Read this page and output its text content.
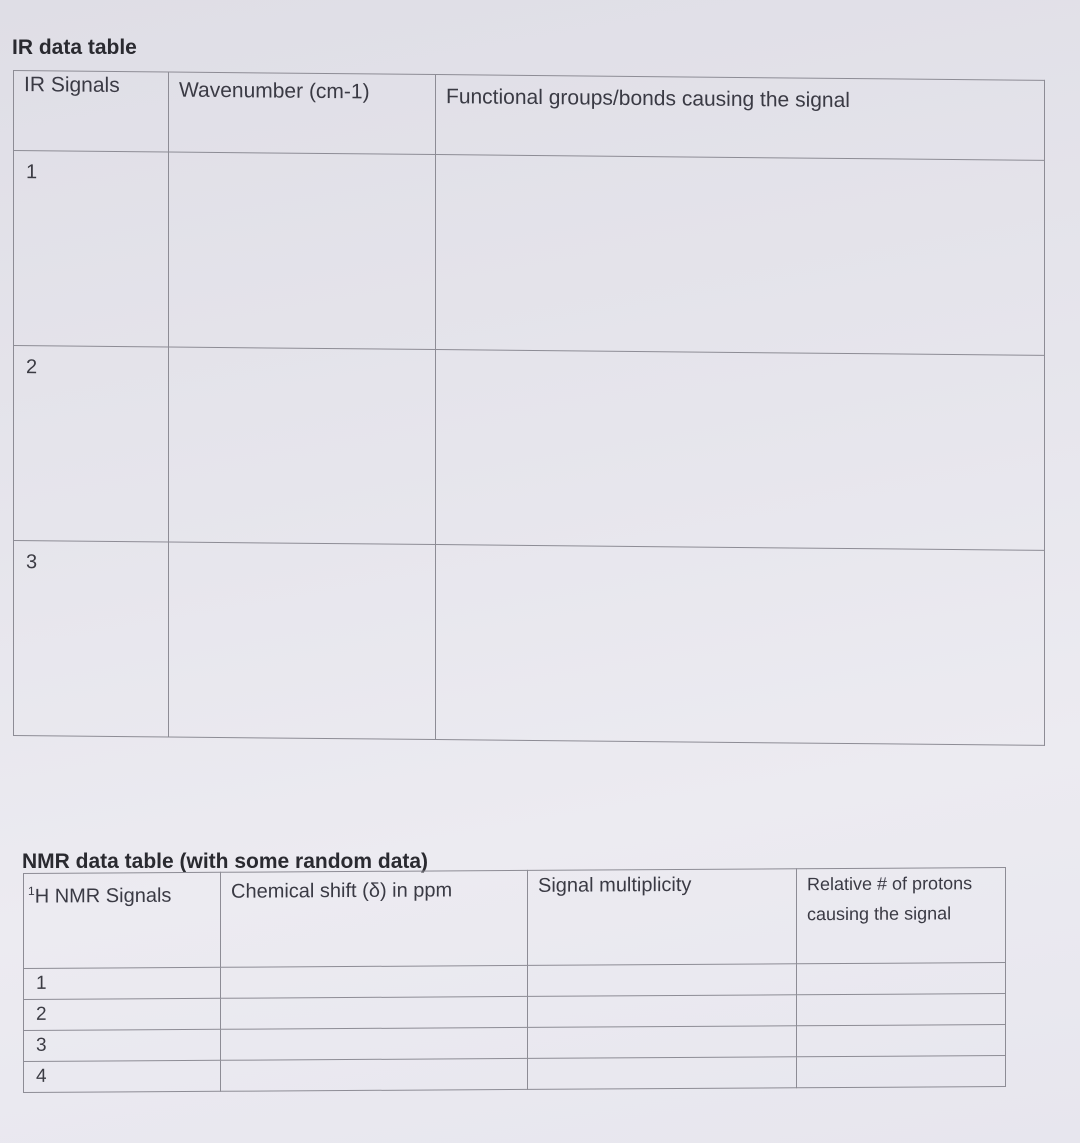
IR data table
IR Signals	Wavenumber (cm-1)	Functional groups/bonds causing the signal

1		

2		

3		

NMR data table (with some random data)
$^1$H NMR Signals	Chemical shift (δ) in ppm	Signal multiplicity	Relative # of protons causing the signal

1			

2			

3			

4			
